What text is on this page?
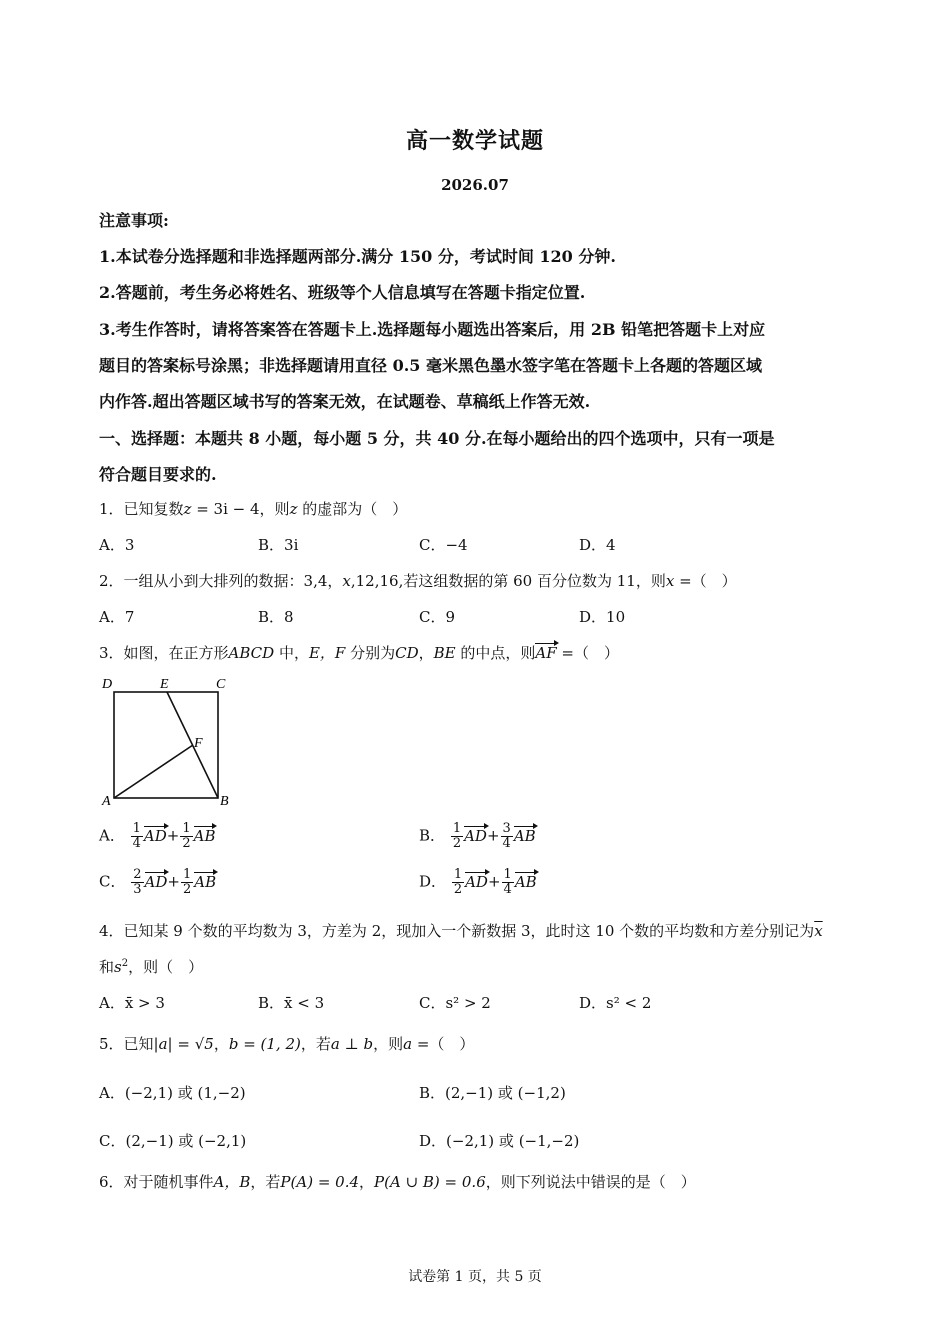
高一数学试题
2026.07
注意事项:
1.本试卷分选择题和非选择题两部分.满分 150 分，考试时间 120 分钟.
2.答题前，考生务必将姓名、班级等个人信息填写在答题卡指定位置.
3.考生作答时，请将答案答在答题卡上.选择题每小题选出答案后，用 2B 铅笔把答题卡上对应
题目的答案标号涂黑；非选择题请用直径 0.5 毫米黑色墨水签字笔在答题卡上各题的答题区域
内作答.超出答题区域书写的答案无效，在试题卷、草稿纸上作答无效.
一、选择题：本题共 8 小题，每小题 5 分，共 40 分.在每小题给出的四个选项中，只有一项是
符合题目要求的.
1．已知复数z = 3i − 4，则z 的虚部为（　）
A．3	B．3i	C．−4	D．4
2．一组从小到大排列的数据：3,4，x,12,16,若这组数据的第 60 百分位数为 11，则x =（　）
A．7	B．8	C．9	D．10
3．如图，在正方形ABCD 中，E，F 分别为CD，BE 的中点，则AF =（　）
D	E	C
F
A	B
A． $\frac{1}{4} AD+ \frac{1}{2}$ AB	B． $\frac{1}{2} AD+ \frac{3}{4}$ AB
C． $\frac{2}{3} AD+ \frac{1}{2}$ AB	D． $\frac{1}{2} AD+ \frac{1}{4}$ AB
4．已知某 9 个数的平均数为 3，方差为 2，现加入一个新数据 3，此时这 10 个数的平均数和方差分别记为$\overline{x}$
和$s^2$，则（　）
A．x̄ > 3	B．x̄ < 3	C．s² > 2	D．s² < 2
5．已知|a| = √5，b = (1, 2)，若a ⊥ b，则a =（　）
A．(−2,1) 或 (1,−2)	B．(2,−1) 或 (−1,2)
C．(2,−1) 或 (−2,1)	D．(−2,1) 或 (−1,−2)
6．对于随机事件A，B，若P(A) = 0.4，P(A ∪ B) = 0.6，则下列说法中错误的是（　）
试卷第 1 页，共 5 页
